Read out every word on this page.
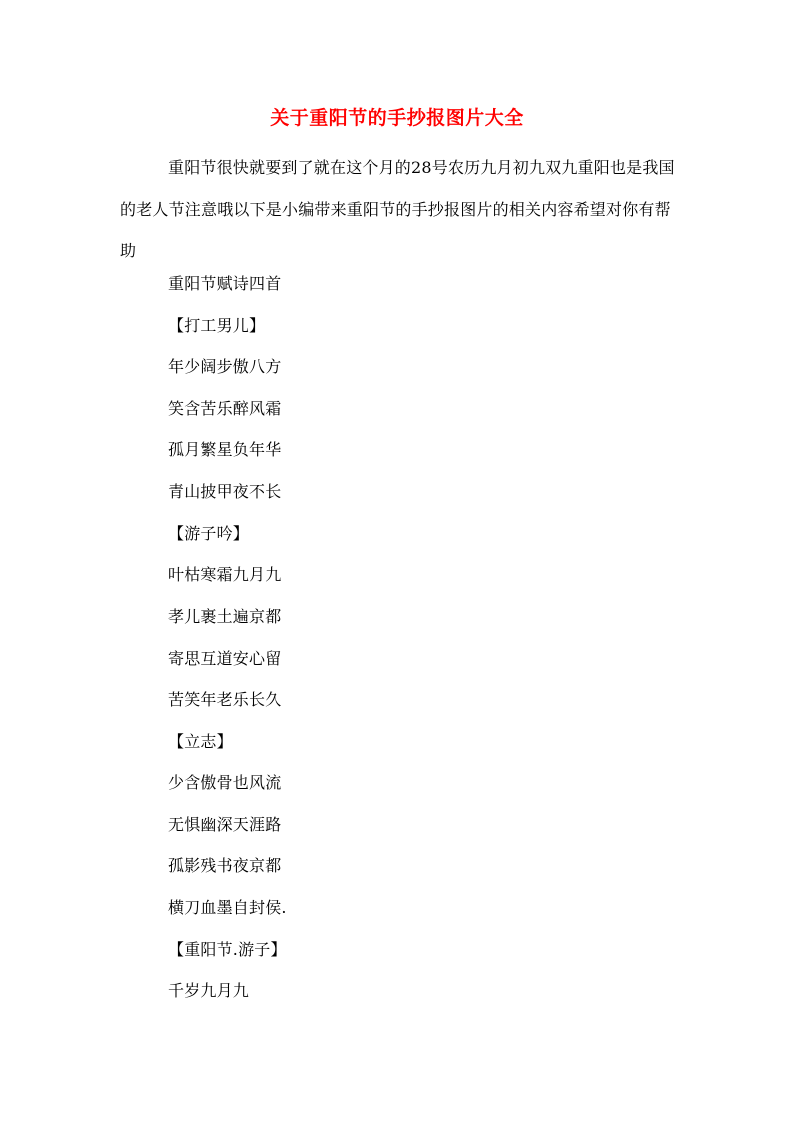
关于重阳节的手抄报图片大全

重阳节很快就要到了就在这个月的28号农历九月初九双九重阳也是我国的老人节注意哦以下是小编带来重阳节的手抄报图片的相关内容希望对你有帮助

重阳节赋诗四首
【打工男儿】
年少阔步傲八方
笑含苦乐醉风霜
孤月繁星负年华
青山披甲夜不长
【游子吟】
叶枯寒霜九月九
孝儿裹土遍京都
寄思互道安心留
苦笑年老乐长久
【立志】
少含傲骨也风流
无惧幽深天涯路
孤影残书夜京都
横刀血墨自封侯.
【重阳节.游子】
千岁九月九
